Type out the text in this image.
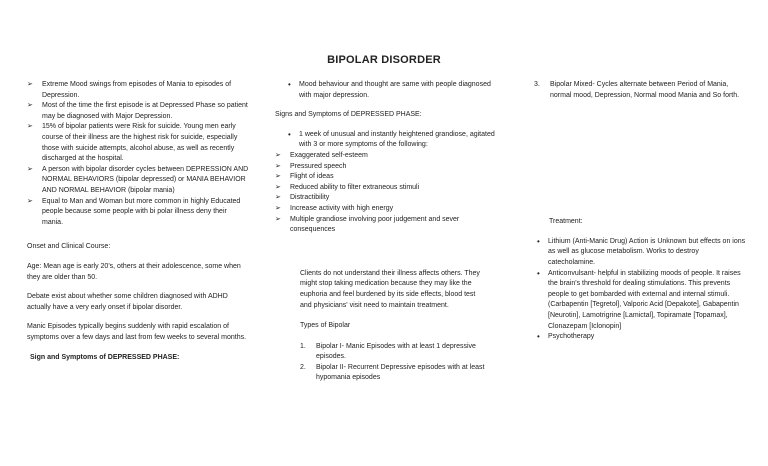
BIPOLAR DISORDER
➢ Extreme Mood swings from episodes of Mania to episodes of Depression.
➢ Most of the time the first episode is at Depressed Phase so patient may be diagnosed with Major Depression.
➢ 15% of bipolar patients were Risk for suicide. Young men early course of their illness are the highest risk for suicide, especially those with suicide attempts, alcohol abuse, as well as recently discharged at the hospital.
➢ A person with bipolar disorder cycles between DEPRESSION AND NORMAL BEHAVIORS (bipolar depressed) or MANIA BEHAVIOR AND NORMAL BEHAVIOR (bipolar mania)
➢ Equal to Man and Woman but more common in highly Educated people because some people with bi polar illness deny their mania.

Onset and Clinical Course:

Age: Mean age is early 20's, others at their adolescence, some when they are older than 50.

Debate exist about whether some children diagnosed with ADHD actually have a very early onset if bipolar disorder.

Manic Episodes typically begins suddenly with rapid escalation of symptoms over a few days and last from few weeks to several months.

Sign and Symptoms of DEPRESSED PHASE:

• Mood behaviour and thought are same with people diagnosed with major depression.

Signs and Symptoms of DEPRESSED PHASE:

• 1 week of unusual and instantly heightened grandiose, agitated with 3 or more symptoms of the following:
➢ Exaggerated self-esteem
➢ Pressured speech
➢ Flight of ideas
➢ Reduced ability to filter extraneous stimuli
➢ Distractibility
➢ Increase activity with high energy
➢ Multiple grandiose involving poor judgement and sever consequences

Clients do not understand their illness affects others. They might stop taking medication because they may like the euphoria and feel burdened by its side effects, blood test and physicians' visit need to maintain treatment.

Types of Bipolar

1. Bipolar I- Manic Episodes with at least 1 depressive episodes.
2. Bipolar II- Recurrent Depressive episodes with at least hypomania episodes
3. Bipolar Mixed- Cycles alternate between Period of Mania, normal mood, Depression, Normal mood Mania and So forth.

Treatment:

• Lithium (Anti-Manic Drug) Action is Unknown but effects on ions as well as glucose metabolism. Works to destroy catecholamine.
• Anticonvulsant- helpful in stabilizing moods of people. It raises the brain's threshold for dealing stimulations. This prevents people to get bombarded with external and internal stimuli. (Carbapentin [Tegretol], Valporic Acid [Depakote], Gabapentin [Neurotin], Lamotrigrine [Lamictal], Topiramate [Topamax], Clonazepam [Iclonopin]
• Psychotherapy
